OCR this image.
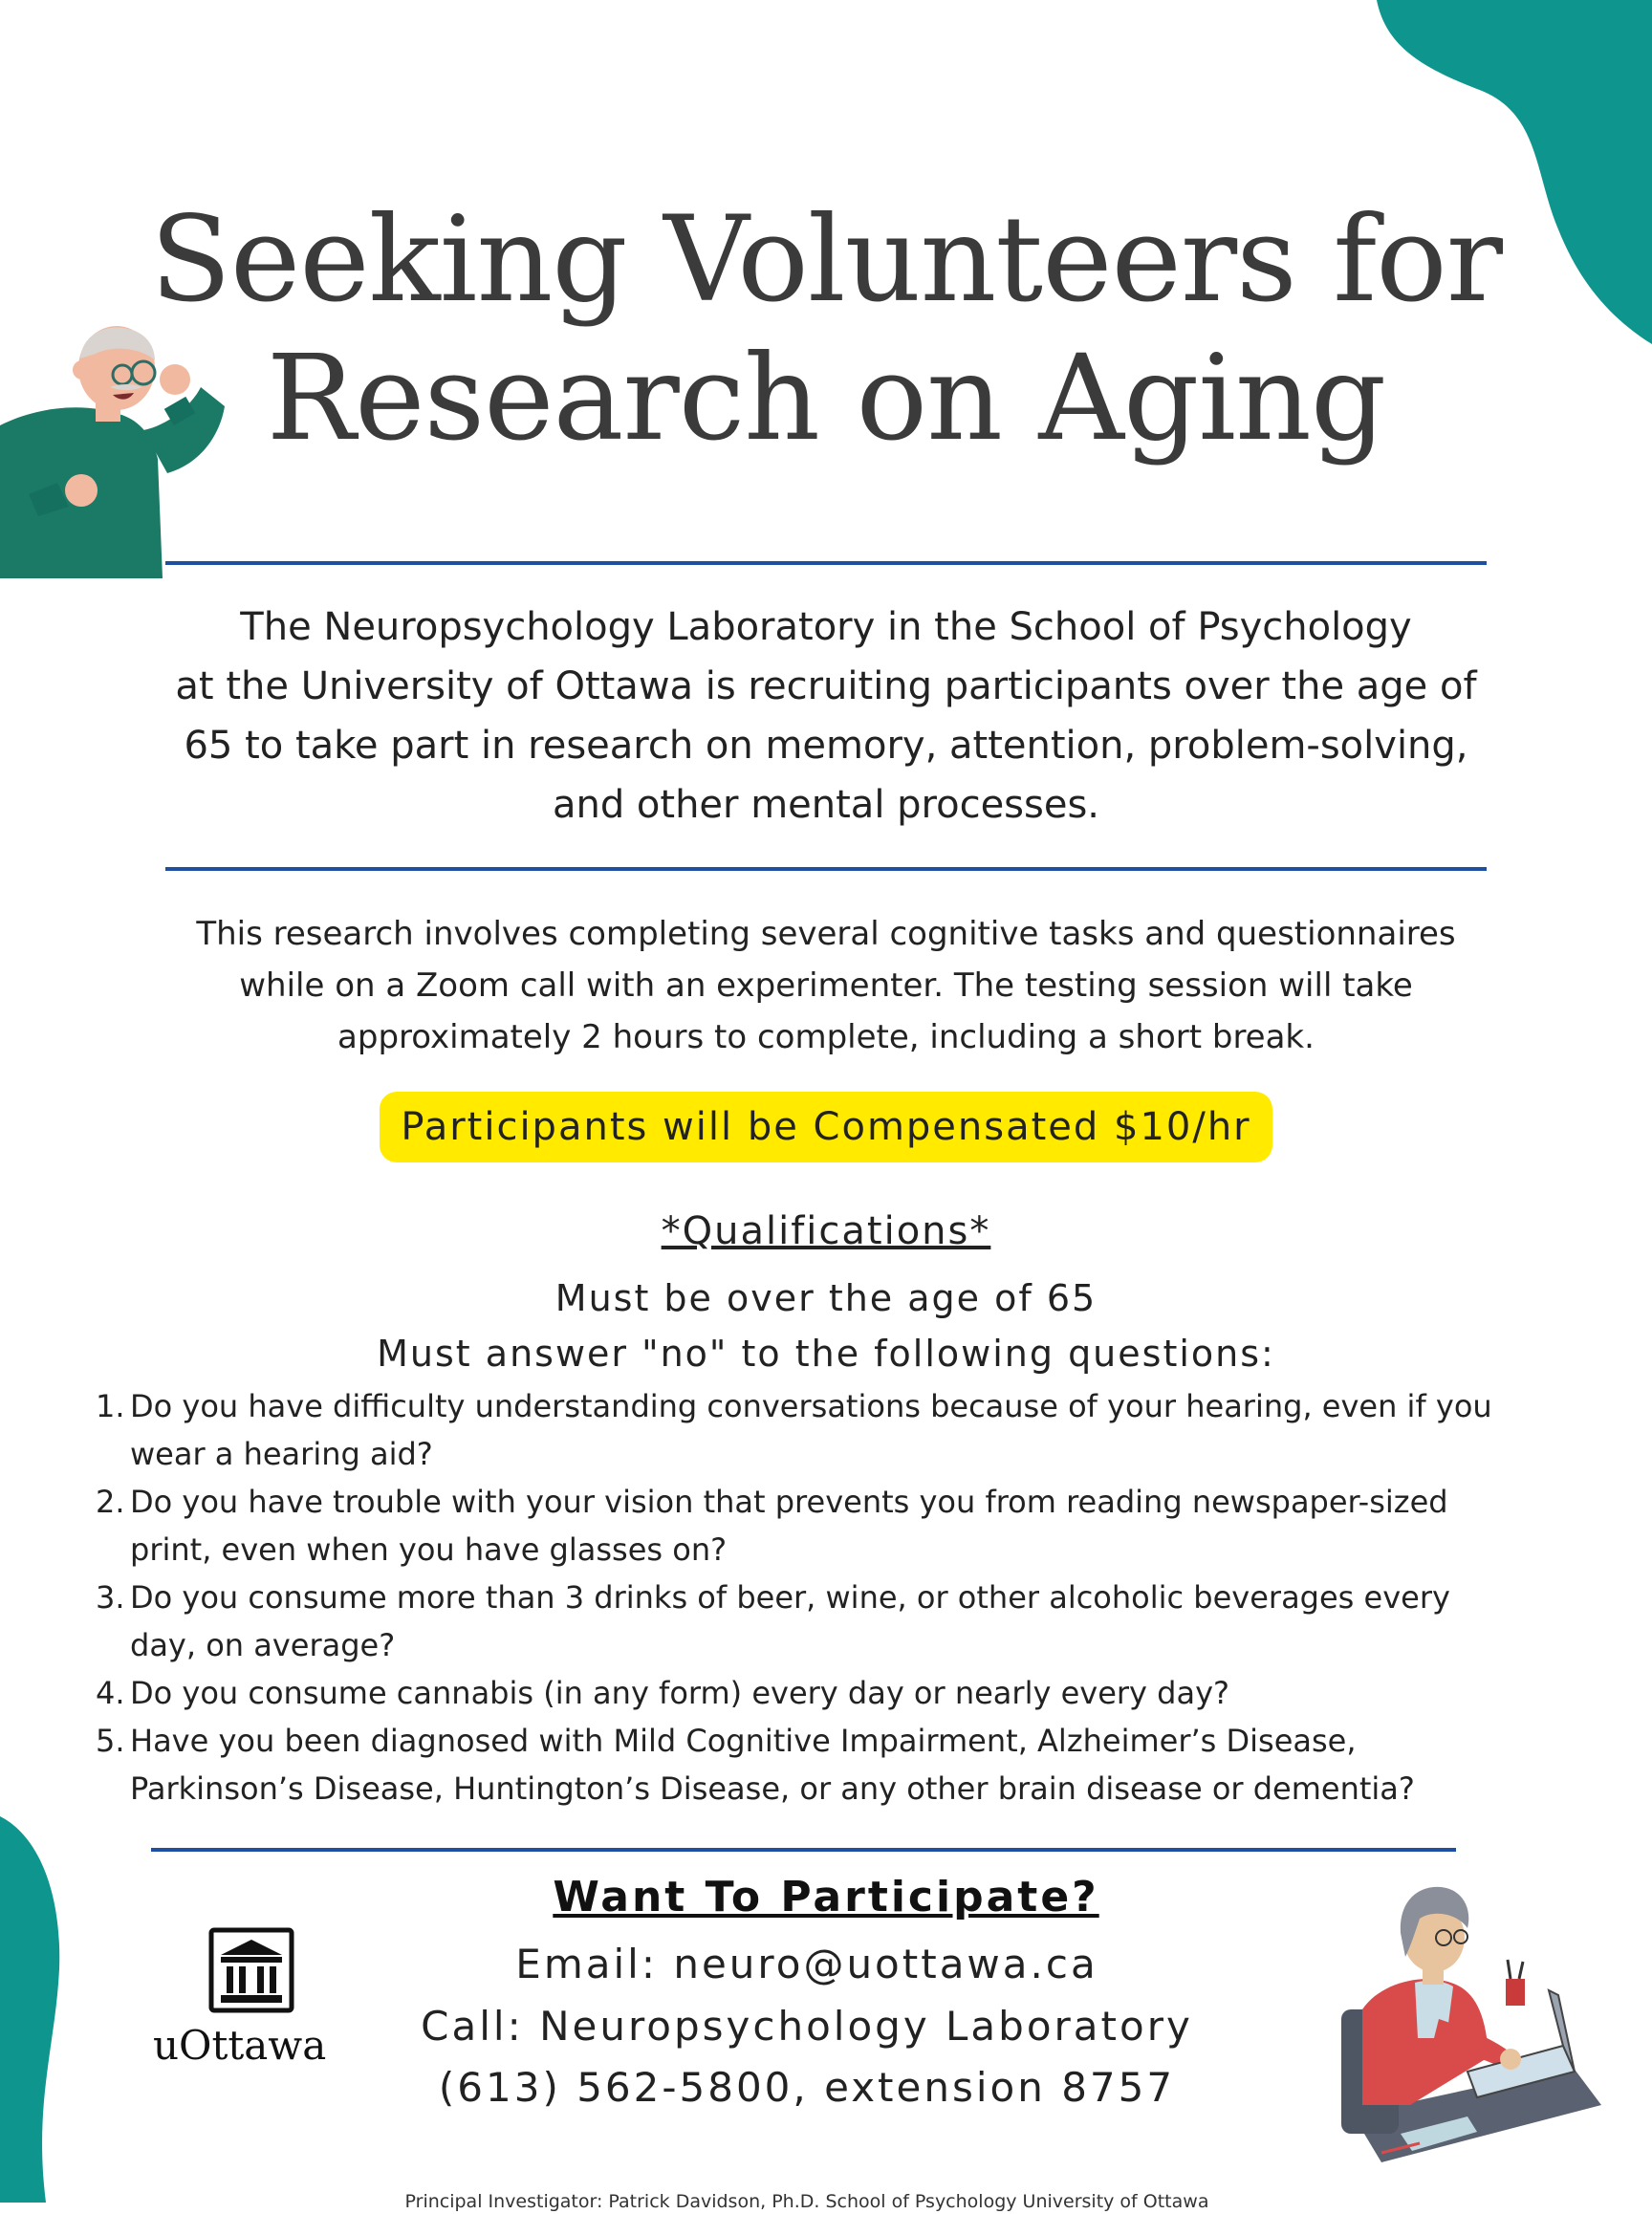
Seeking Volunteers for
Research on Aging

The Neuropsychology Laboratory in the School of Psychology
at the University of Ottawa is recruiting participants over the age of
65 to take part in research on memory, attention, problem-solving,
and other mental processes.

This research involves completing several cognitive tasks and questionnaires
while on a Zoom call with an experimenter. The testing session will take
approximately 2 hours to complete, including a short break.

Participants will be Compensated $10/hr
*Qualifications*
Must be over the age of 65
Must answer "no" to the following questions:
1. Do you have difficulty understanding conversations because of your hearing, even if you
wear a hearing aid?
2. Do you have trouble with your vision that prevents you from reading newspaper-sized
print, even when you have glasses on?
3. Do you consume more than 3 drinks of beer, wine, or other alcoholic beverages every
day, on average?
4. Do you consume cannabis (in any form) every day or nearly every day?
5. Have you been diagnosed with Mild Cognitive Impairment, Alzheimer’s Disease,
Parkinson’s Disease, Huntington’s Disease, or any other brain disease or dementia?
Want To Participate?
Email: neuro@uottawa.ca
Call: Neuropsychology Laboratory
(613) 562-5800, extension 8757
uOttawa
Principal Investigator: Patrick Davidson, Ph.D. School of Psychology University of Ottawa
